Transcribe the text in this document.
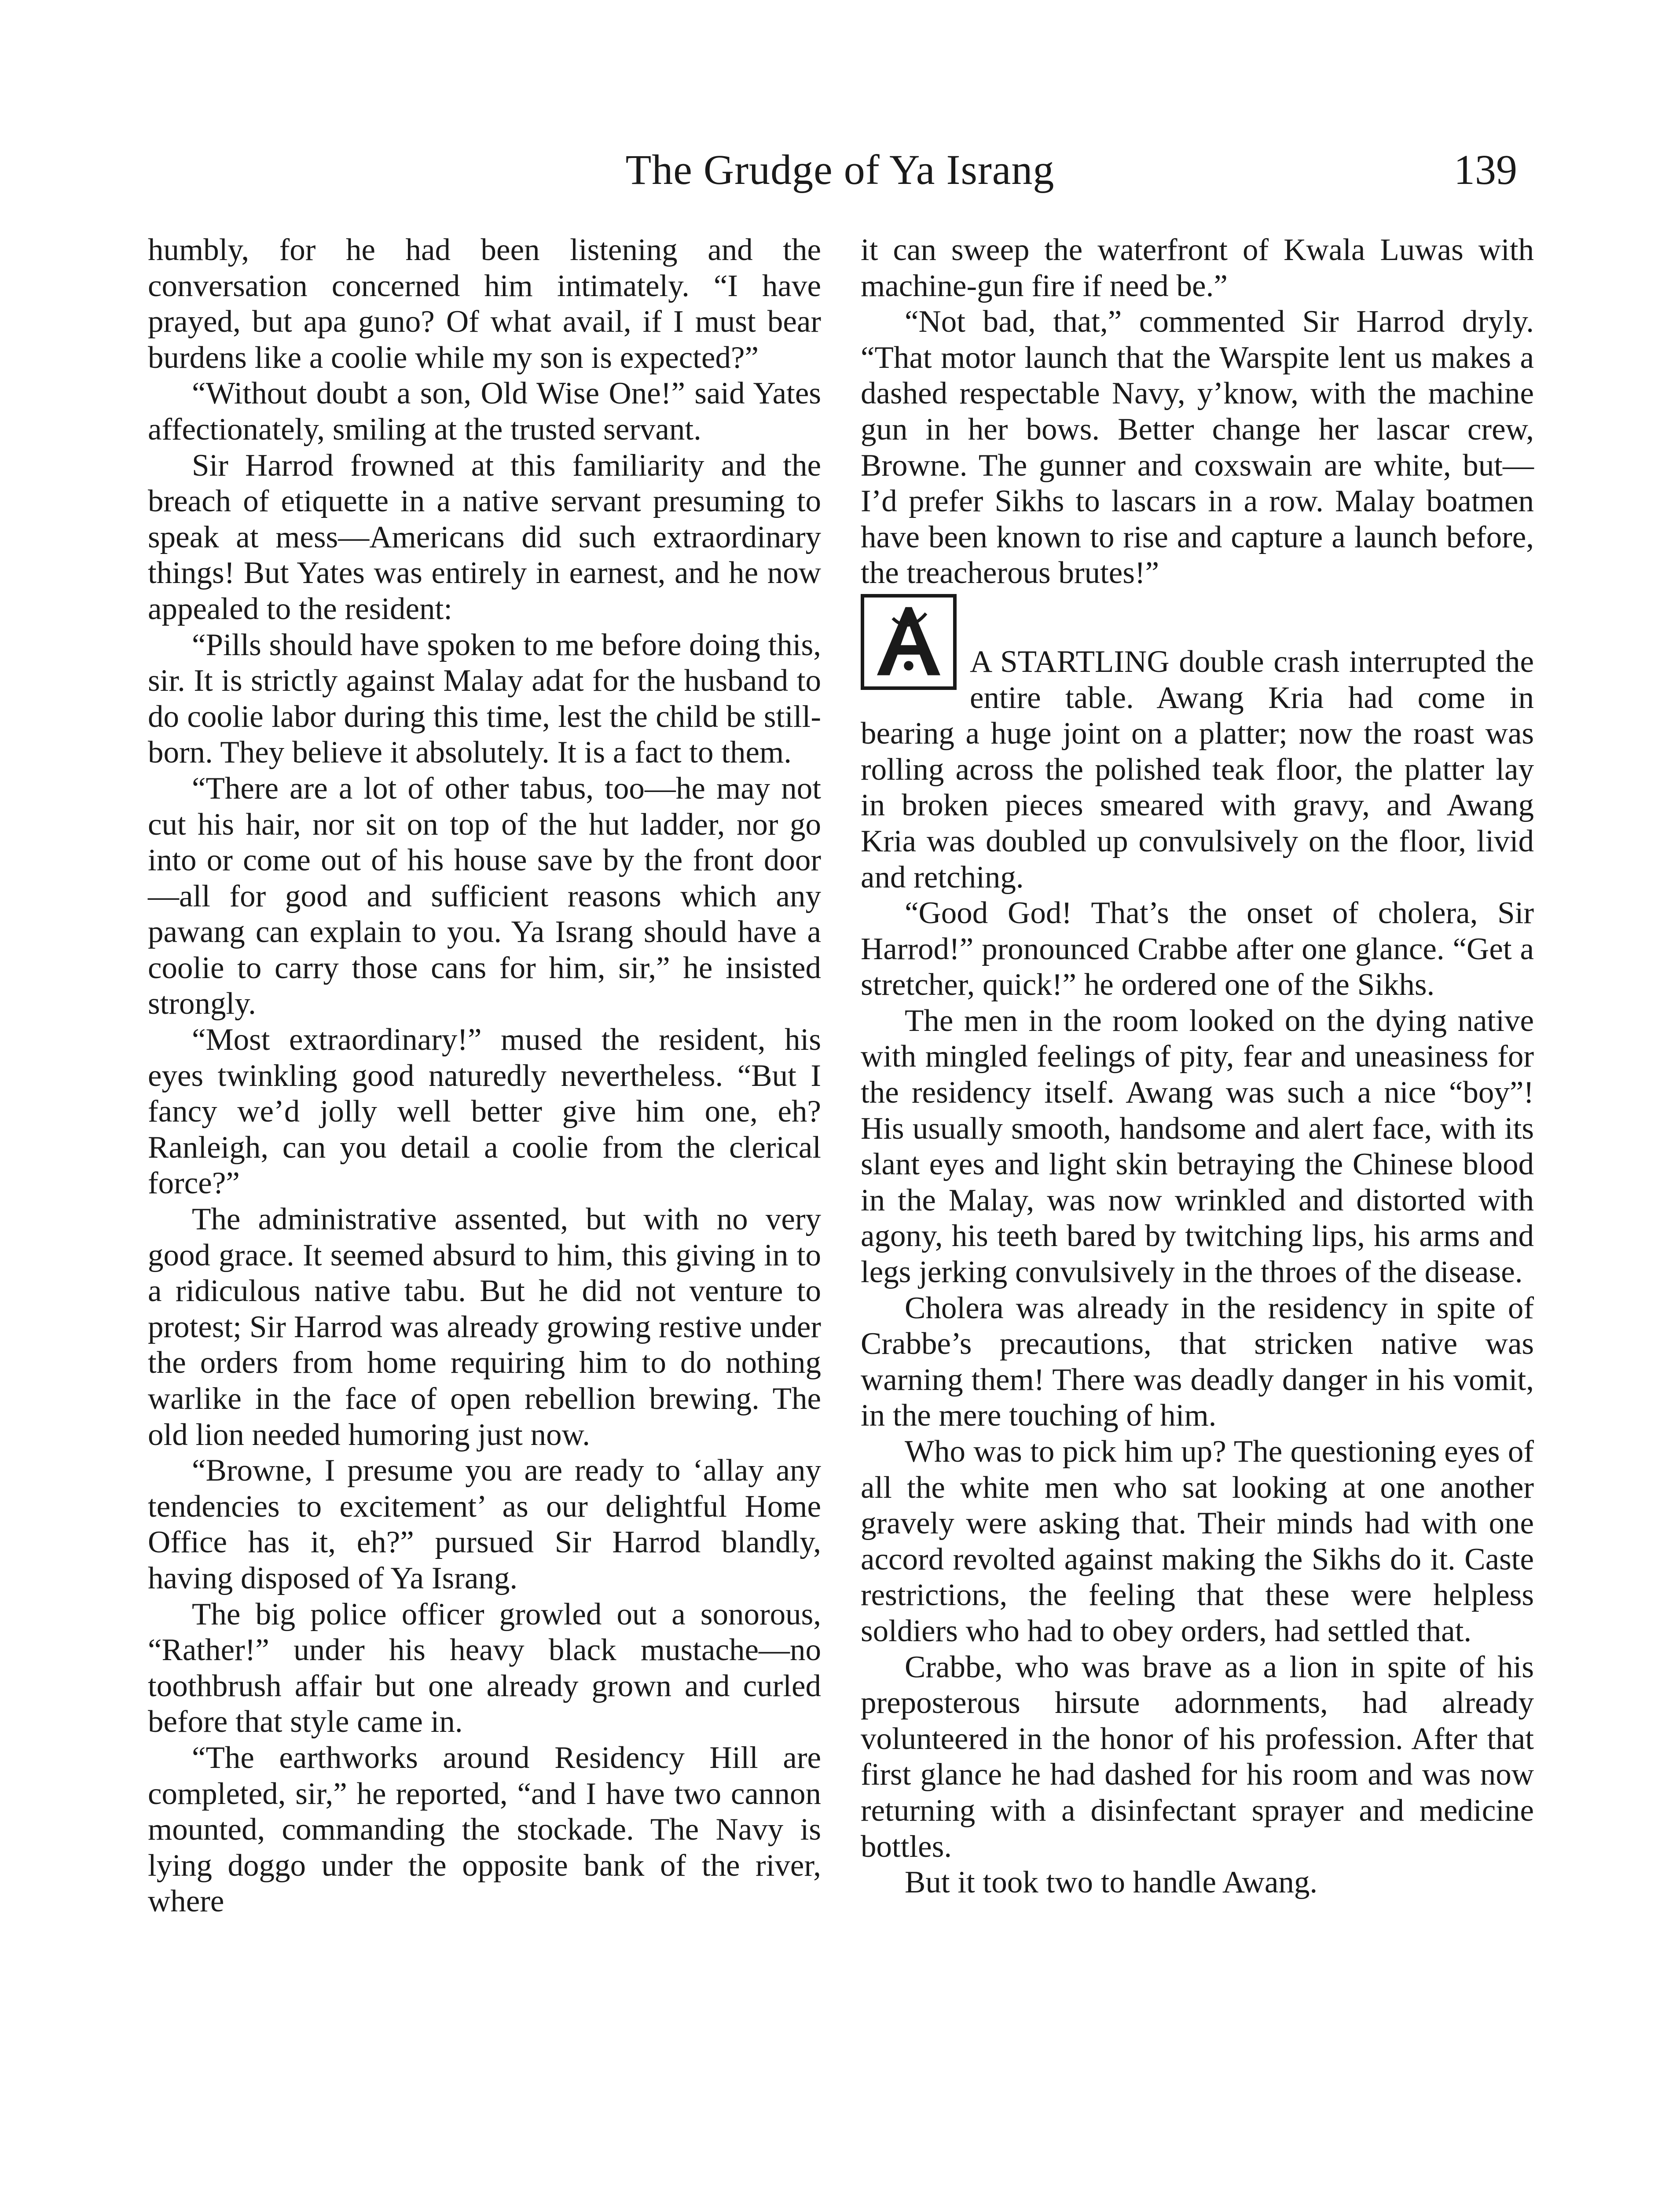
The Grudge of Ya Israng	139

humbly, for he had been listening and the conversation concerned him intimately. “I have prayed, but apa guno? Of what avail, if I must bear burdens like a coolie while my son is expected?”

“Without doubt a son, Old Wise One!” said Yates affectionately, smiling at the trusted servant.

Sir Harrod frowned at this familiarity and the breach of etiquette in a native servant presuming to speak at mess—Americans did such extraordinary things! But Yates was entirely in earnest, and he now appealed to the resident:

“Pills should have spoken to me before doing this, sir. It is strictly against Malay adat for the husband to do coolie labor during this time, lest the child be still-born. They believe it absolutely. It is a fact to them.

“There are a lot of other tabus, too—he may not cut his hair, nor sit on top of the hut ladder, nor go into or come out of his house save by the front door—all for good and sufficient reasons which any pawang can explain to you. Ya Israng should have a coolie to carry those cans for him, sir,” he insisted strongly.

“Most extraordinary!” mused the resident, his eyes twinkling good naturedly nevertheless. “But I fancy we’d jolly well better give him one, eh? Ranleigh, can you detail a coolie from the clerical force?”

The administrative assented, but with no very good grace. It seemed absurd to him, this giving in to a ridiculous native tabu. But he did not venture to protest; Sir Harrod was already growing restive under the orders from home requiring him to do nothing warlike in the face of open rebellion brewing. The old lion needed humoring just now.

“Browne, I presume you are ready to ‘allay any tendencies to excitement’ as our delightful Home Office has it, eh?” pursued Sir Harrod blandly, having disposed of Ya Israng.

The big police officer growled out a sonorous, “Rather!” under his heavy black mustache—no toothbrush affair but one already grown and curled before that style came in.

“The earthworks around Residency Hill are completed, sir,” he reported, “and I have two cannon mounted, commanding the stockade. The Navy is lying doggo under the opposite bank of the river, where

it can sweep the waterfront of Kwala Luwas with machine-gun fire if need be.”

“Not bad, that,” commented Sir Harrod dryly. “That motor launch that the Warspite lent us makes a dashed respectable Navy, y’know, with the machine gun in her bows. Better change her lascar crew, Browne. The gunner and coxswain are white, but—I’d prefer Sikhs to lascars in a row. Malay boatmen have been known to rise and capture a launch before, the treacherous brutes!”

A STARTLING double crash interrupted the entire table. Awang Kria had come in bearing a huge joint on a platter; now the roast was rolling across the polished teak floor, the platter lay in broken pieces smeared with gravy, and Awang Kria was doubled up convulsively on the floor, livid and retching.

“Good God! That’s the onset of cholera, Sir Harrod!” pronounced Crabbe after one glance. “Get a stretcher, quick!” he ordered one of the Sikhs.

The men in the room looked on the dying native with mingled feelings of pity, fear and uneasiness for the residency itself. Awang was such a nice “boy”! His usually smooth, handsome and alert face, with its slant eyes and light skin betraying the Chinese blood in the Malay, was now wrinkled and distorted with agony, his teeth bared by twitching lips, his arms and legs jerking convulsively in the throes of the disease.

Cholera was already in the residency in spite of Crabbe’s precautions, that stricken native was warning them! There was deadly danger in his vomit, in the mere touching of him.

Who was to pick him up? The questioning eyes of all the white men who sat looking at one another gravely were asking that. Their minds had with one accord revolted against making the Sikhs do it. Caste restrictions, the feeling that these were helpless soldiers who had to obey orders, had settled that.

Crabbe, who was brave as a lion in spite of his preposterous hirsute adornments, had already volunteered in the honor of his profession. After that first glance he had dashed for his room and was now returning with a disinfectant sprayer and medicine bottles.

But it took two to handle Awang.
